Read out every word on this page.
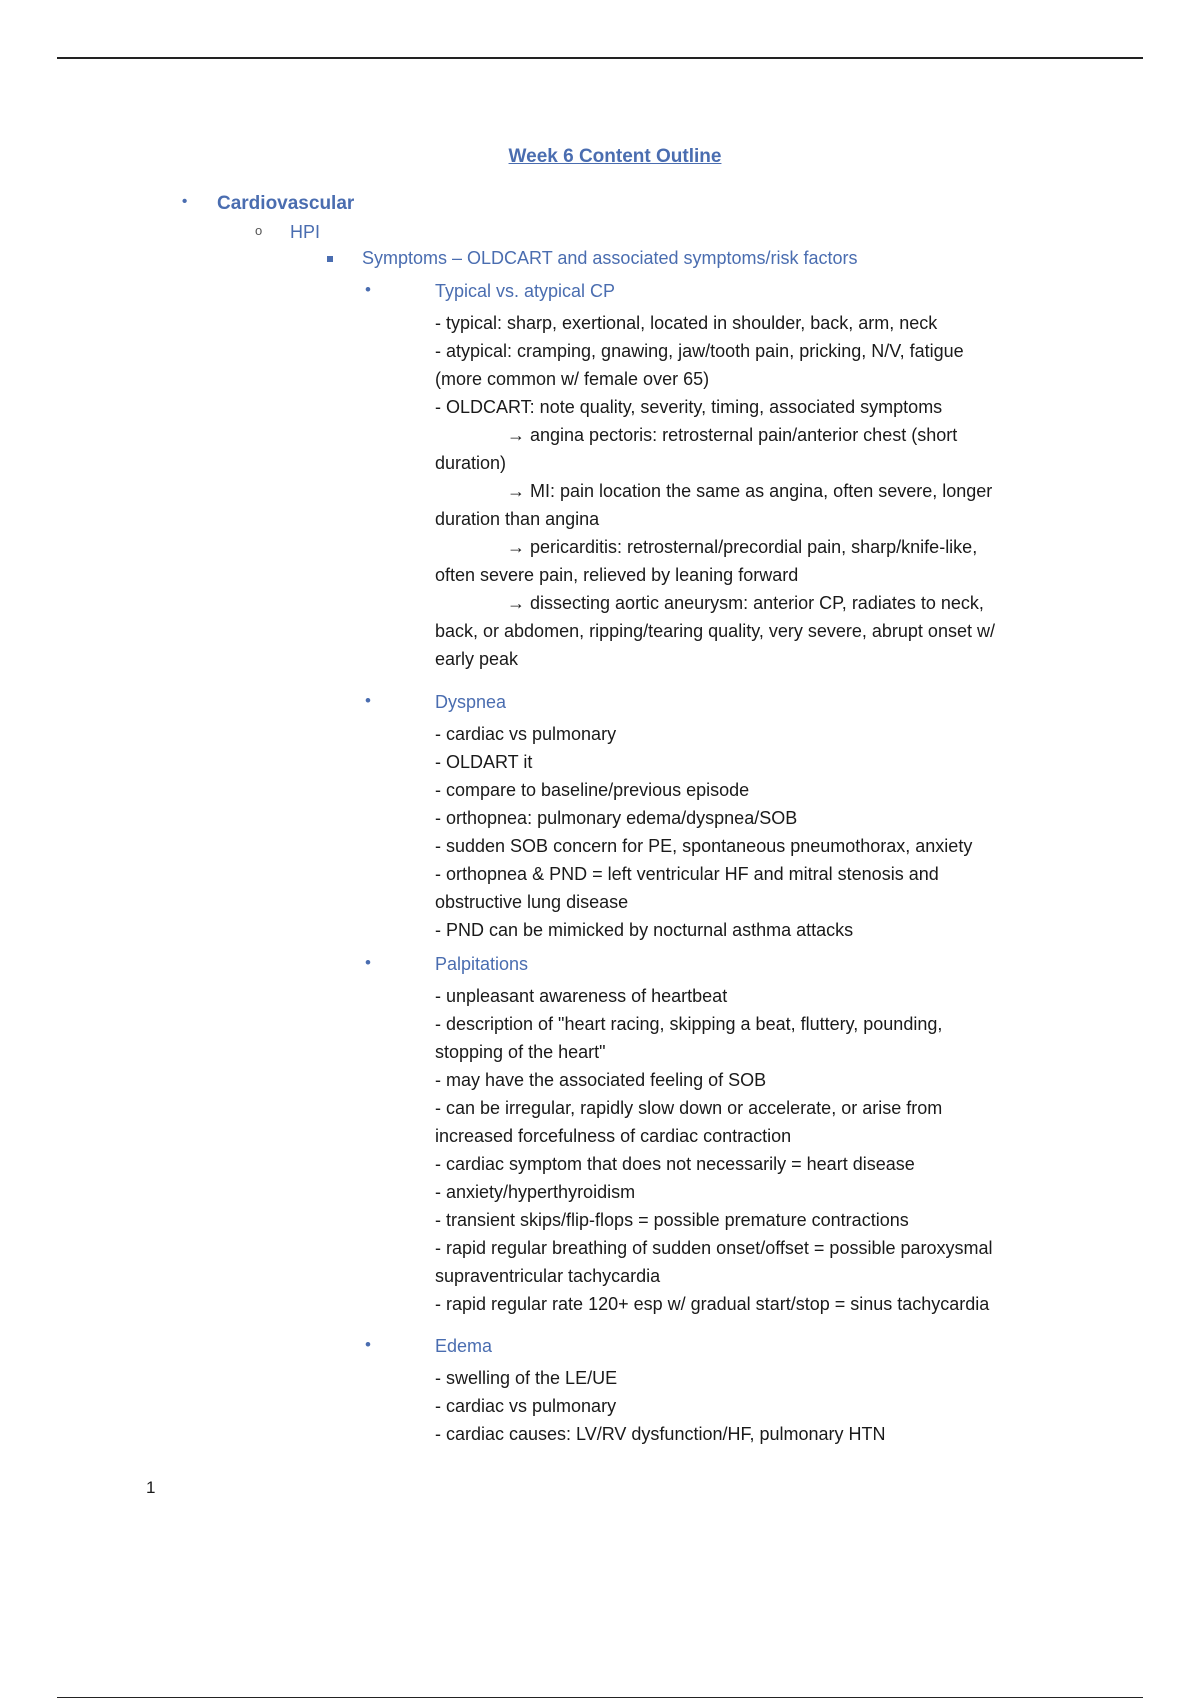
Week 6 Content Outline
• Cardiovascular
o HPI
Symptoms – OLDCART and associated symptoms/risk factors
•	Typical vs. atypical CP
- typical: sharp, exertional, located in shoulder, back, arm, neck
- atypical: cramping, gnawing, jaw/tooth pain, pricking, N/V, fatigue
(more common w/ female over 65)
- OLDCART: note quality, severity, timing, associated symptoms
→ angina pectoris: retrosternal pain/anterior chest (short
duration)
→ MI: pain location the same as angina, often severe, longer
duration than angina
→ pericarditis: retrosternal/precordial pain, sharp/knife-like,
often severe pain, relieved by leaning forward
→ dissecting aortic aneurysm: anterior CP, radiates to neck,
back, or abdomen, ripping/tearing quality, very severe, abrupt onset w/
early peak
•	Dyspnea
- cardiac vs pulmonary
- OLDART it
- compare to baseline/previous episode
- orthopnea: pulmonary edema/dyspnea/SOB
- sudden SOB concern for PE, spontaneous pneumothorax, anxiety
- orthopnea & PND = left ventricular HF and mitral stenosis and
obstructive lung disease
- PND can be mimicked by nocturnal asthma attacks
•	Palpitations
- unpleasant awareness of heartbeat
- description of "heart racing, skipping a beat, fluttery, pounding,
stopping of the heart"
- may have the associated feeling of SOB
- can be irregular, rapidly slow down or accelerate, or arise from
increased forcefulness of cardiac contraction
- cardiac symptom that does not necessarily = heart disease
- anxiety/hyperthyroidism
- transient skips/flip-flops = possible premature contractions
- rapid regular breathing of sudden onset/offset = possible paroxysmal
supraventricular tachycardia
- rapid regular rate 120+ esp w/ gradual start/stop = sinus tachycardia
•	Edema
- swelling of the LE/UE
- cardiac vs pulmonary
- cardiac causes: LV/RV dysfunction/HF, pulmonary HTN
1
